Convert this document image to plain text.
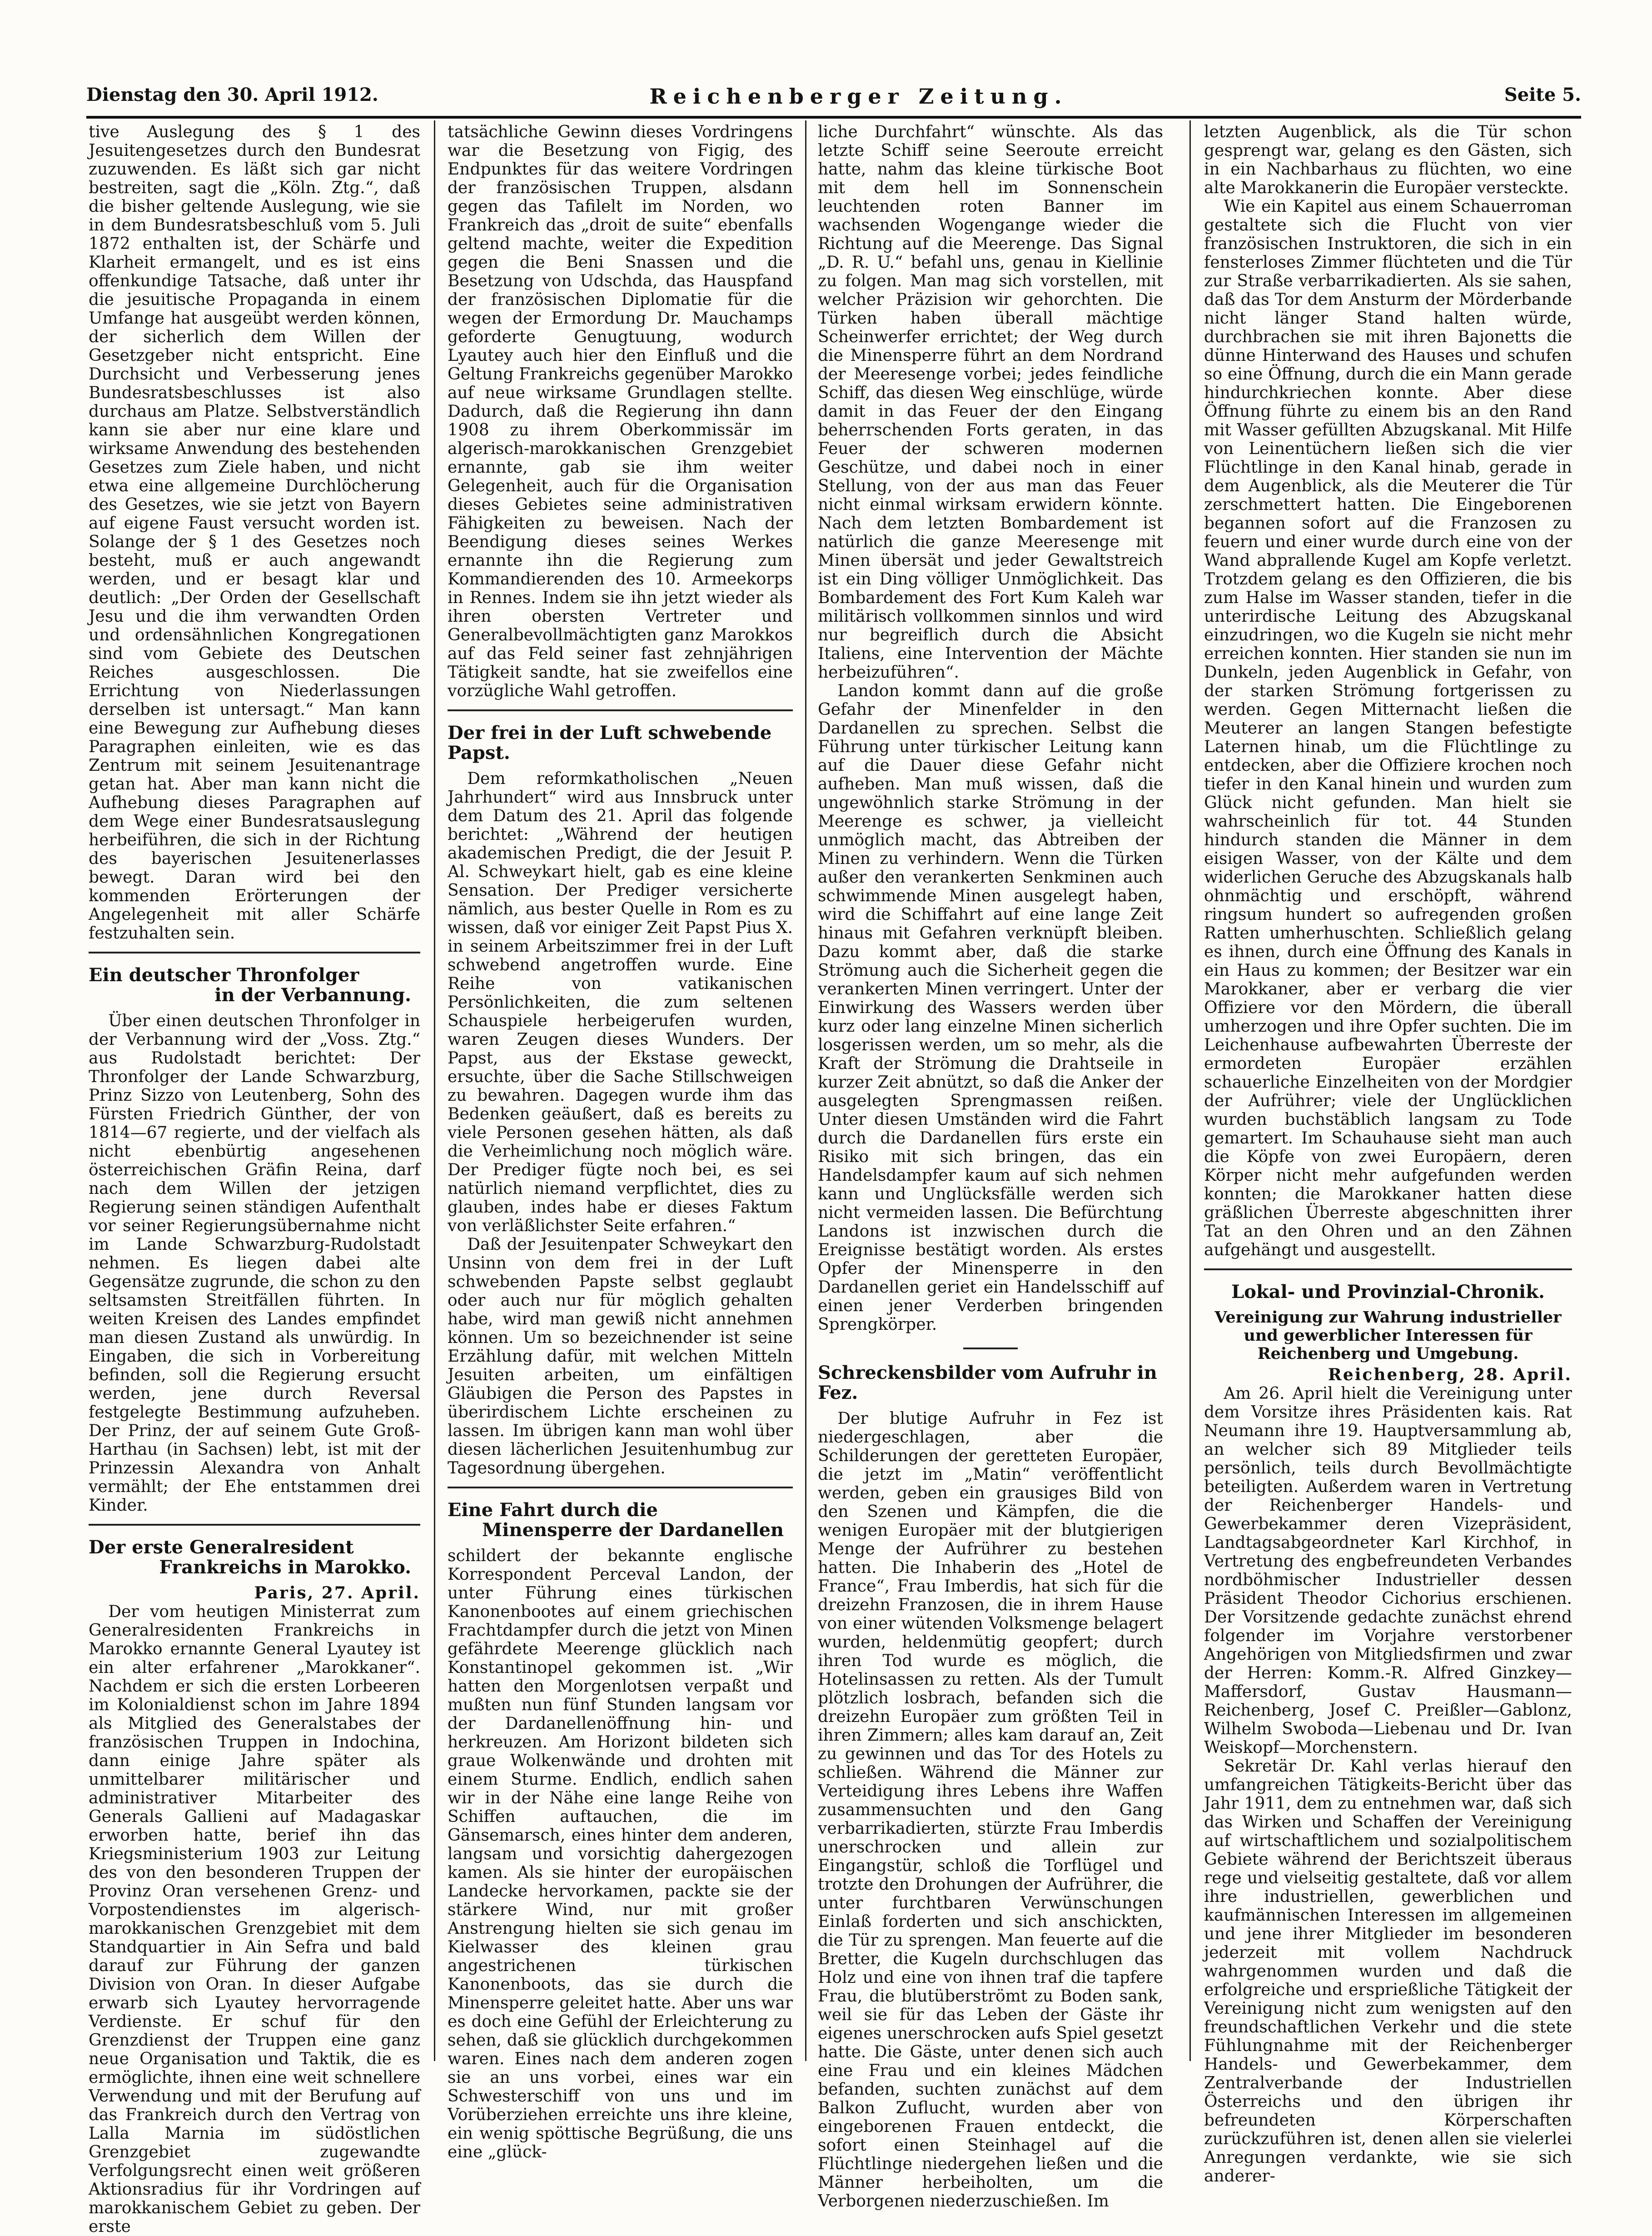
Dienstag den 30. April 1912.	Reichenberger Zeitung.	Seite 5.

tive Auslegung des § 1 des Jesuitengesetzes durch den Bundesrat zuzuwenden. Es läßt sich gar nicht bestreiten, sagt die „Köln. Ztg.“, daß die bisher geltende Auslegung, wie sie in dem Bundesratsbeschluß vom 5. Juli 1872 enthalten ist, der Schärfe und Klarheit ermangelt, und es ist eins offenkundige Tatsache, daß unter ihr die jesuitische Propaganda in einem Umfange hat ausgeübt werden können, der sicherlich dem Willen der Gesetzgeber nicht entspricht. Eine Durchsicht und Verbesserung jenes Bundesratsbeschlusses ist also durchaus am Platze. Selbstverständlich kann sie aber nur eine klare und wirksame Anwendung des bestehenden Gesetzes zum Ziele haben, und nicht etwa eine allgemeine Durchlöcherung des Gesetzes, wie sie jetzt von Bayern auf eigene Faust versucht worden ist. Solange der § 1 des Gesetzes noch besteht, muß er auch angewandt werden, und er besagt klar und deutlich: „Der Orden der Gesellschaft Jesu und die ihm verwandten Orden und ordensähnlichen Kongregationen sind vom Gebiete des Deutschen Reiches ausgeschlossen. Die Errichtung von Niederlassungen derselben ist untersagt.“ Man kann eine Bewegung zur Aufhebung dieses Paragraphen einleiten, wie es das Zentrum mit seinem Jesuitenantrage getan hat. Aber man kann nicht die Aufhebung dieses Paragraphen auf dem Wege einer Bundesratsauslegung herbeiführen, die sich in der Richtung des bayerischen Jesuitenerlasses bewegt. Daran wird bei den kommenden Erörterungen der Angelegenheit mit aller Schärfe festzuhalten sein.

Ein deutscher Thronfolger
in der Verbannung.

Über einen deutschen Thronfolger in der Verbannung wird der „Voss. Ztg.“ aus Rudolstadt berichtet: Der Thronfolger der Lande Schwarzburg, Prinz Sizzo von Leutenberg, Sohn des Fürsten Friedrich Günther, der von 1814—67 regierte, und der vielfach als nicht ebenbürtig angesehenen österreichischen Gräfin Reina, darf nach dem Willen der jetzigen Regierung seinen ständigen Aufenthalt vor seiner Regierungsübernahme nicht im Lande Schwarzburg-Rudolstadt nehmen. Es liegen dabei alte Gegensätze zugrunde, die schon zu den seltsamsten Streitfällen führten. In weiten Kreisen des Landes empfindet man diesen Zustand als unwürdig. In Eingaben, die sich in Vorbereitung befinden, soll die Regierung ersucht werden, jene durch Reversal festgelegte Bestimmung aufzuheben. Der Prinz, der auf seinem Gute Groß-Harthau (in Sachsen) lebt, ist mit der Prinzessin Alexandra von Anhalt vermählt; der Ehe entstammen drei Kinder.

Der erste Generalresident
Frankreichs in Marokko.
Paris, 27. April.

Der vom heutigen Ministerrat zum Generalresidenten Frankreichs in Marokko ernannte General Lyautey ist ein alter erfahrener „Marokkaner“. Nachdem er sich die ersten Lorbeeren im Kolonialdienst schon im Jahre 1894 als Mitglied des Generalstabes der französischen Truppen in Indochina, dann einige Jahre später als unmittelbarer militärischer und administrativer Mitarbeiter des Generals Gallieni auf Madagaskar erworben hatte, berief ihn das Kriegsministerium 1903 zur Leitung des von den besonderen Truppen der Provinz Oran versehenen Grenz- und Vorpostendienstes im algerisch-marokkanischen Grenzgebiet mit dem Standquartier in Ain Sefra und bald darauf zur Führung der ganzen Division von Oran. In dieser Aufgabe erwarb sich Lyautey hervorragende Verdienste. Er schuf für den Grenzdienst der Truppen eine ganz neue Organisation und Taktik, die es ermöglichte, ihnen eine weit schnellere Verwendung und mit der Berufung auf das Frankreich durch den Vertrag von Lalla Marnia im südöstlichen Grenzgebiet zugewandte Verfolgungsrecht einen weit größeren Aktionsradius für ihr Vordringen auf marokkanischem Gebiet zu geben. Der erste

tatsächliche Gewinn dieses Vordringens war die Besetzung von Figig, des Endpunktes für das weitere Vordringen der französischen Truppen, alsdann gegen das Tafilelt im Norden, wo Frankreich das „droit de suite“ ebenfalls geltend machte, weiter die Expedition gegen die Beni Snassen und die Besetzung von Udschda, das Hauspfand der französischen Diplomatie für die wegen der Ermordung Dr. Mauchamps geforderte Genugtuung, wodurch Lyautey auch hier den Einfluß und die Geltung Frankreichs gegenüber Marokko auf neue wirksame Grundlagen stellte. Dadurch, daß die Regierung ihn dann 1908 zu ihrem Oberkommissär im algerisch-marokkanischen Grenzgebiet ernannte, gab sie ihm weiter Gelegenheit, auch für die Organisation dieses Gebietes seine administrativen Fähigkeiten zu beweisen. Nach der Beendigung dieses seines Werkes ernannte ihn die Regierung zum Kommandierenden des 10. Armeekorps in Rennes. Indem sie ihn jetzt wieder als ihren obersten Vertreter und Generalbevollmächtigten ganz Marokkos auf das Feld seiner fast zehnjährigen Tätigkeit sandte, hat sie zweifellos eine vorzügliche Wahl getroffen.

Der frei in der Luft schwebende Papst.

Dem reformkatholischen „Neuen Jahrhundert“ wird aus Innsbruck unter dem Datum des 21. April das folgende berichtet: „Während der heutigen akademischen Predigt, die der Jesuit P. Al. Schweykart hielt, gab es eine kleine Sensation. Der Prediger versicherte nämlich, aus bester Quelle in Rom es zu wissen, daß vor einiger Zeit Papst Pius X. in seinem Arbeitszimmer frei in der Luft schwebend angetroffen wurde. Eine Reihe von vatikanischen Persönlichkeiten, die zum seltenen Schauspiele herbeigerufen wurden, waren Zeugen dieses Wunders. Der Papst, aus der Ekstase geweckt, ersuchte, über die Sache Stillschweigen zu bewahren. Dagegen wurde ihm das Bedenken geäußert, daß es bereits zu viele Personen gesehen hätten, als daß die Verheimlichung noch möglich wäre. Der Prediger fügte noch bei, es sei natürlich niemand verpflichtet, dies zu glauben, indes habe er dieses Faktum von verläßlichster Seite erfahren.“

Daß der Jesuitenpater Schweykart den Unsinn von dem frei in der Luft schwebenden Papste selbst geglaubt oder auch nur für möglich gehalten habe, wird man gewiß nicht annehmen können. Um so bezeichnender ist seine Erzählung dafür, mit welchen Mitteln Jesuiten arbeiten, um einfältigen Gläubigen die Person des Papstes in überirdischem Lichte erscheinen zu lassen. Im übrigen kann man wohl über diesen lächerlichen Jesuitenhumbug zur Tagesordnung übergehen.

Eine Fahrt durch die
Minensperre der Dardanellen

schildert der bekannte englische Korrespondent Perceval Landon, der unter Führung eines türkischen Kanonenbootes auf einem griechischen Frachtdampfer durch die jetzt von Minen gefährdete Meerenge glücklich nach Konstantinopel gekommen ist. „Wir hatten den Morgenlotsen verpaßt und mußten nun fünf Stunden langsam vor der Dardanellenöffnung hin- und herkreuzen. Am Horizont bildeten sich graue Wolkenwände und drohten mit einem Sturme. Endlich, endlich sahen wir in der Nähe eine lange Reihe von Schiffen auftauchen, die im Gänsemarsch, eines hinter dem anderen, langsam und vorsichtig dahergezogen kamen. Als sie hinter der europäischen Landecke hervorkamen, packte sie der stärkere Wind, nur mit großer Anstrengung hielten sie sich genau im Kielwasser des kleinen grau angestrichenen türkischen Kanonenboots, das sie durch die Minensperre geleitet hatte. Aber uns war es doch eine Gefühl der Erleichterung zu sehen, daß sie glücklich durchgekommen waren. Eines nach dem anderen zogen sie an uns vorbei, eines war ein Schwesterschiff von uns und im Vorüberziehen erreichte uns ihre kleine, ein wenig spöttische Begrüßung, die uns eine „glück-

liche Durchfahrt“ wünschte. Als das letzte Schiff seine Seeroute erreicht hatte, nahm das kleine türkische Boot mit dem hell im Sonnenschein leuchtenden roten Banner im wachsenden Wogengange wieder die Richtung auf die Meerenge. Das Signal „D. R. U.“ befahl uns, genau in Kiellinie zu folgen. Man mag sich vorstellen, mit welcher Präzision wir gehorchten. Die Türken haben überall mächtige Scheinwerfer errichtet; der Weg durch die Minensperre führt an dem Nordrand der Meeresenge vorbei; jedes feindliche Schiff, das diesen Weg einschlüge, würde damit in das Feuer der den Eingang beherrschenden Forts geraten, in das Feuer der schweren modernen Geschütze, und dabei noch in einer Stellung, von der aus man das Feuer nicht einmal wirksam erwidern könnte. Nach dem letzten Bombardement ist natürlich die ganze Meeresenge mit Minen übersät und jeder Gewaltstreich ist ein Ding völliger Unmöglichkeit. Das Bombardement des Fort Kum Kaleh war militärisch vollkommen sinnlos und wird nur begreiflich durch die Absicht Italiens, eine Intervention der Mächte herbeizuführen“.

Landon kommt dann auf die große Gefahr der Minenfelder in den Dardanellen zu sprechen. Selbst die Führung unter türkischer Leitung kann auf die Dauer diese Gefahr nicht aufheben. Man muß wissen, daß die ungewöhnlich starke Strömung in der Meerenge es schwer, ja vielleicht unmöglich macht, das Abtreiben der Minen zu verhindern. Wenn die Türken außer den verankerten Senkminen auch schwimmende Minen ausgelegt haben, wird die Schiffahrt auf eine lange Zeit hinaus mit Gefahren verknüpft bleiben. Dazu kommt aber, daß die starke Strömung auch die Sicherheit gegen die verankerten Minen verringert. Unter der Einwirkung des Wassers werden über kurz oder lang einzelne Minen sicherlich losgerissen werden, um so mehr, als die Kraft der Strömung die Drahtseile in kurzer Zeit abnützt, so daß die Anker der ausgelegten Sprengmassen reißen. Unter diesen Umständen wird die Fahrt durch die Dardanellen fürs erste ein Risiko mit sich bringen, das ein Handelsdampfer kaum auf sich nehmen kann und Unglücksfälle werden sich nicht vermeiden lassen. Die Befürchtung Landons ist inzwischen durch die Ereignisse bestätigt worden. Als erstes Opfer der Minensperre in den Dardanellen geriet ein Handelsschiff auf einen jener Verderben bringenden Sprengkörper.

Schreckensbilder vom Aufruhr in Fez.

Der blutige Aufruhr in Fez ist niedergeschlagen, aber die Schilderungen der geretteten Europäer, die jetzt im „Matin“ veröffentlicht werden, geben ein grausiges Bild von den Szenen und Kämpfen, die die wenigen Europäer mit der blutgierigen Menge der Aufrührer zu bestehen hatten. Die Inhaberin des „Hotel de France“, Frau Imberdis, hat sich für die dreizehn Franzosen, die in ihrem Hause von einer wütenden Volksmenge belagert wurden, heldenmütig geopfert; durch ihren Tod wurde es möglich, die Hotelinsassen zu retten. Als der Tumult plötzlich losbrach, befanden sich die dreizehn Europäer zum größten Teil in ihren Zimmern; alles kam darauf an, Zeit zu gewinnen und das Tor des Hotels zu schließen. Während die Männer zur Verteidigung ihres Lebens ihre Waffen zusammensuchten und den Gang verbarrikadierten, stürzte Frau Imberdis unerschrocken und allein zur Eingangstür, schloß die Torflügel und trotzte den Drohungen der Aufrührer, die unter furchtbaren Verwünschungen Einlaß forderten und sich anschickten, die Tür zu sprengen. Man feuerte auf die Bretter, die Kugeln durchschlugen das Holz und eine von ihnen traf die tapfere Frau, die blutüberströmt zu Boden sank, weil sie für das Leben der Gäste ihr eigenes unerschrocken aufs Spiel gesetzt hatte. Die Gäste, unter denen sich auch eine Frau und ein kleines Mädchen befanden, suchten zunächst auf dem Balkon Zuflucht, wurden aber von eingeborenen Frauen entdeckt, die sofort einen Steinhagel auf die Flüchtlinge niedergehen ließen und die Männer herbeiholten, um die Verborgenen niederzuschießen. Im

letzten Augenblick, als die Tür schon gesprengt war, gelang es den Gästen, sich in ein Nachbarhaus zu flüchten, wo eine alte Marokkanerin die Europäer versteckte.

Wie ein Kapitel aus einem Schauerroman gestaltete sich die Flucht von vier französischen Instruktoren, die sich in ein fensterloses Zimmer flüchteten und die Tür zur Straße verbarrikadierten. Als sie sahen, daß das Tor dem Ansturm der Mörderbande nicht länger Stand halten würde, durchbrachen sie mit ihren Bajonetts die dünne Hinterwand des Hauses und schufen so eine Öffnung, durch die ein Mann gerade hindurchkriechen konnte. Aber diese Öffnung führte zu einem bis an den Rand mit Wasser gefüllten Abzugskanal. Mit Hilfe von Leinentüchern ließen sich die vier Flüchtlinge in den Kanal hinab, gerade in dem Augenblick, als die Meuterer die Tür zerschmettert hatten. Die Eingeborenen begannen sofort auf die Franzosen zu feuern und einer wurde durch eine von der Wand abprallende Kugel am Kopfe verletzt. Trotzdem gelang es den Offizieren, die bis zum Halse im Wasser standen, tiefer in die unterirdische Leitung des Abzugskanal einzudringen, wo die Kugeln sie nicht mehr erreichen konnten. Hier standen sie nun im Dunkeln, jeden Augenblick in Gefahr, von der starken Strömung fortgerissen zu werden. Gegen Mitternacht ließen die Meuterer an langen Stangen befestigte Laternen hinab, um die Flüchtlinge zu entdecken, aber die Offiziere krochen noch tiefer in den Kanal hinein und wurden zum Glück nicht gefunden. Man hielt sie wahrscheinlich für tot. 44 Stunden hindurch standen die Männer in dem eisigen Wasser, von der Kälte und dem widerlichen Geruche des Abzugskanals halb ohnmächtig und erschöpft, während ringsum hundert so aufregenden großen Ratten umherhuschten. Schließlich gelang es ihnen, durch eine Öffnung des Kanals in ein Haus zu kommen; der Besitzer war ein Marokkaner, aber er verbarg die vier Offiziere vor den Mördern, die überall umherzogen und ihre Opfer suchten. Die im Leichenhause aufbewahrten Überreste der ermordeten Europäer erzählen schauerliche Einzelheiten von der Mordgier der Aufrührer; viele der Unglücklichen wurden buchstäblich langsam zu Tode gemartert. Im Schauhause sieht man auch die Köpfe von zwei Europäern, deren Körper nicht mehr aufgefunden werden konnten; die Marokkaner hatten diese gräßlichen Überreste abgeschnitten ihrer Tat an den Ohren und an den Zähnen aufgehängt und ausgestellt.

Lokal- und Provinzial-Chronik.
Vereinigung zur Wahrung industrieller und gewerblicher Interessen für Reichenberg und Umgebung.
Reichenberg, 28. April.

Am 26. April hielt die Vereinigung unter dem Vorsitze ihres Präsidenten kais. Rat Neumann ihre 19. Hauptversammlung ab, an welcher sich 89 Mitglieder teils persönlich, teils durch Bevollmächtigte beteiligten. Außerdem waren in Vertretung der Reichenberger Handels- und Gewerbekammer deren Vizepräsident, Landtagsabgeordneter Karl Kirchhof, in Vertretung des engbefreundeten Verbandes nordböhmischer Industrieller dessen Präsident Theodor Cichorius erschienen. Der Vorsitzende gedachte zunächst ehrend folgender im Vorjahre verstorbener Angehörigen von Mitgliedsfirmen und zwar der Herren: Komm.-R. Alfred Ginzkey—Maffersdorf, Gustav Hausmann—Reichenberg, Josef C. Preißler—Gablonz, Wilhelm Swoboda—Liebenau und Dr. Ivan Weiskopf—Morchenstern.

Sekretär Dr. Kahl verlas hierauf den umfangreichen Tätigkeits-Bericht über das Jahr 1911, dem zu entnehmen war, daß sich das Wirken und Schaffen der Vereinigung auf wirtschaftlichem und sozialpolitischem Gebiete während der Berichtszeit überaus rege und vielseitig gestaltete, daß vor allem ihre industriellen, gewerblichen und kaufmännischen Interessen im allgemeinen und jene ihrer Mitglieder im besonderen jederzeit mit vollem Nachdruck wahrgenommen wurden und daß die erfolgreiche und ersprießliche Tätigkeit der Vereinigung nicht zum wenigsten auf den freundschaftlichen Verkehr und die stete Fühlungnahme mit der Reichenberger Handels- und Gewerbekammer, dem Zentralverbande der Industriellen Österreichs und den übrigen ihr befreundeten Körperschaften zurückzuführen ist, denen allen sie vielerlei Anregungen verdankte, wie sie sich anderer-
